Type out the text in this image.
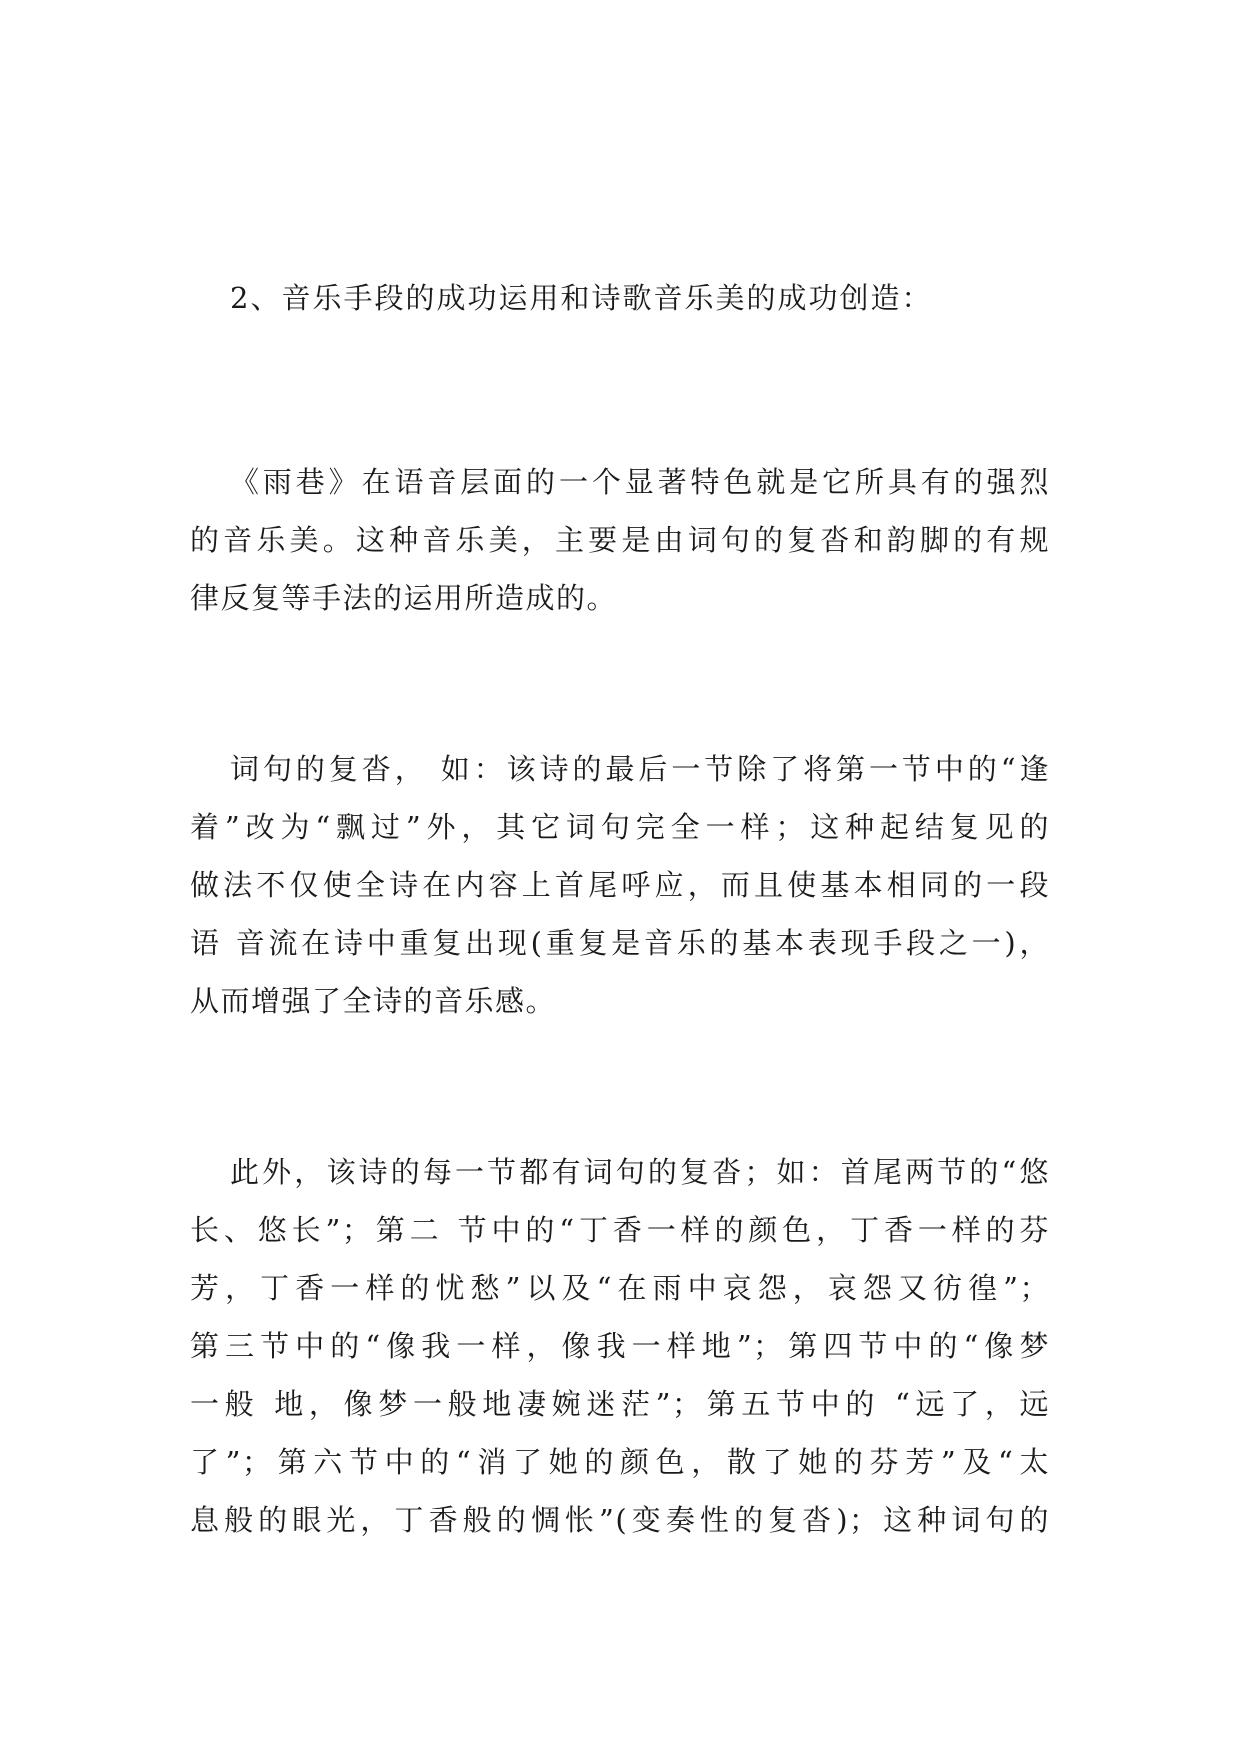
2、音乐手段的成功运用和诗歌音乐美的成功创造：
《雨巷》在语音层面的一个显著特色就是它所具有的强烈
的音乐美。这种音乐美，主要是由词句的复沓和韵脚的有规
律反复等手法的运用所造成的。
词句的复沓， 如：该诗的最后一节除了将第一节中的“逢
着”改为“飘过”外，其它词句完全一样；这种起结复见的
做法不仅使全诗在内容上首尾呼应，而且使基本相同的一段
语 音流在诗中重复出现(重复是音乐的基本表现手段之一)，
从而增强了全诗的音乐感。
此外，该诗的每一节都有词句的复沓；如：首尾两节的“悠
长、悠长”；第二 节中的“丁香一样的颜色，丁香一样的芬
芳，丁香一样的忧愁”以及“在雨中哀怨，哀怨又彷徨”；
第三节中的“像我一样，像我一样地”；第四节中的“像梦
一般 地，像梦一般地凄婉迷茫”；第五节中的 “远了，远
了”；第六节中的“消了她的颜色，散了她的芬芳”及“太
息般的眼光，丁香般的惆怅”(变奏性的复沓)；这种词句的
